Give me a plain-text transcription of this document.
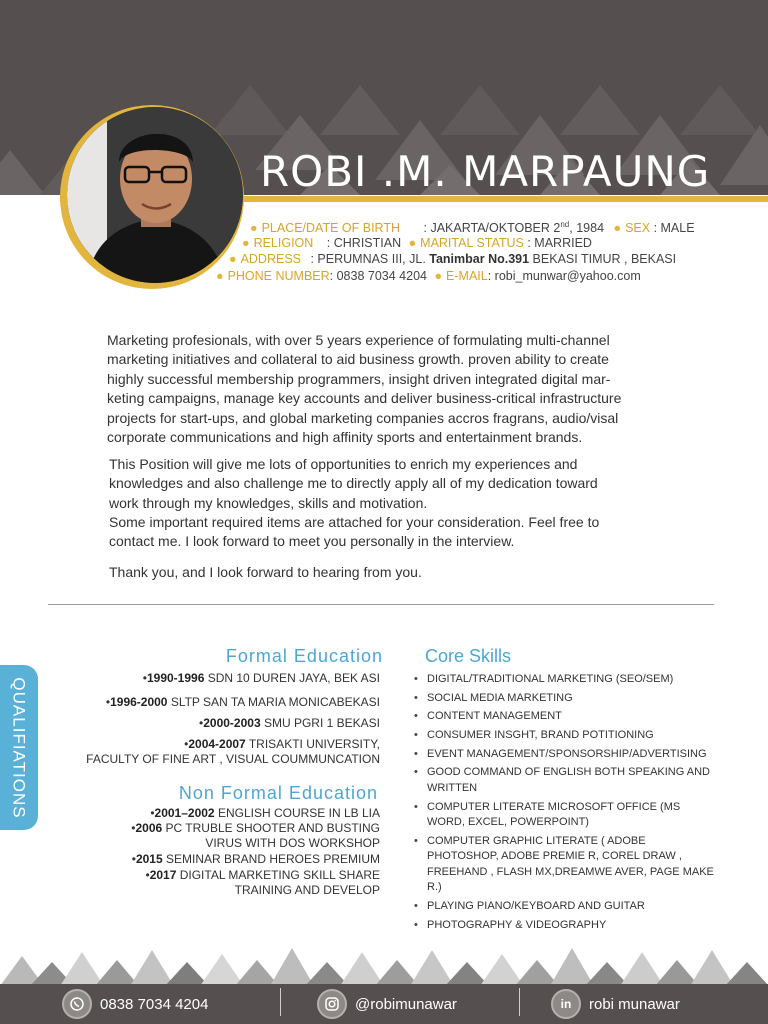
ROBI .M. MARPAUNG
● PLACE/DATE OF BIRTH : JAKARTA/OKTOBER 2nd, 1984 ● SEX : MALE
● RELIGION : CHRISTIAN ● MARITAL STATUS : MARRIED
● ADDRESS : PERUMNAS III, JL. Tanimbar No.391 BEKASI TIMUR , BEKASI
● PHONE NUMBER: 0838 7034 4204 ● E-MAIL: robi_munwar@yahoo.com

Marketing profesionals, with over 5 years experience of formulating multi-channel marketing initiatives and collateral to aid business growth. proven ability to create highly successful membership programmers, insight driven integrated digital mar-keting campaigns, manage key accounts and deliver business-critical infrastructure projects for start-ups, and global marketing companies accros fragrans, audio/visal corporate communications and high affinity sports and entertainment brands.

This Position will give me lots of opportunities to enrich my experiences and knowledges and also challenge me to directly apply all of my dedication toward work through my knowledges, skills and motivation.

Some important required items are attached for your consideration. Feel free to contact me. I look forward to meet you personally in the interview.

Thank you, and I look forward to hearing from you.

QUALIFIATIONS
Formal Education
•1990-1996 SDN 10 DUREN JAYA, BEK ASI
•1996-2000 SLTP SAN TA MARIA MONICABEKASI
•2000-2003 SMU PGRI 1 BEKASI
•2004-2007 TRISAKTI UNIVERSITY,
FACULTY OF FINE ART , VISUAL COUMMUNCATION
Non Formal Education
•2001–2002 ENGLISH COURSE IN LB LIA
•2006 PC TRUBLE SHOOTER AND BUSTING
VIRUS WITH DOS WORKSHOP
•2015 SEMINAR BRAND HEROES PREMIUM
•2017 DIGITAL MARKETING SKILL SHARE
TRAINING AND DEVELOP
Core Skills
• DIGITAL/TRADITIONAL MARKETING (SEO/SEM)
• SOCIAL MEDIA MARKETING
• CONTENT MANAGEMENT
• CONSUMER INSGHT, BRAND POTITIONING
• EVENT MANAGEMENT/SPONSORSHIP/ADVERTISING
• GOOD COMMAND OF ENGLISH BOTH SPEAKING AND WRITTEN
• COMPUTER LITERATE MICROSOFT OFFICE (MS WORD, EXCEL, POWERPOINT)
• COMPUTER GRAPHIC LITERATE ( ADOBE PHOTOSHOP, ADOBE PREMIE R, COREL DRAW , FREEHAND , FLASH MX,DREAMWE AVER, PAGE MAKE R.)
• PLAYING PIANO/KEYBOARD AND GUITAR
• PHOTOGRAPHY & VIDEOGRAPHY
0838 7034 4204	@robimunawar	in robi munawar
